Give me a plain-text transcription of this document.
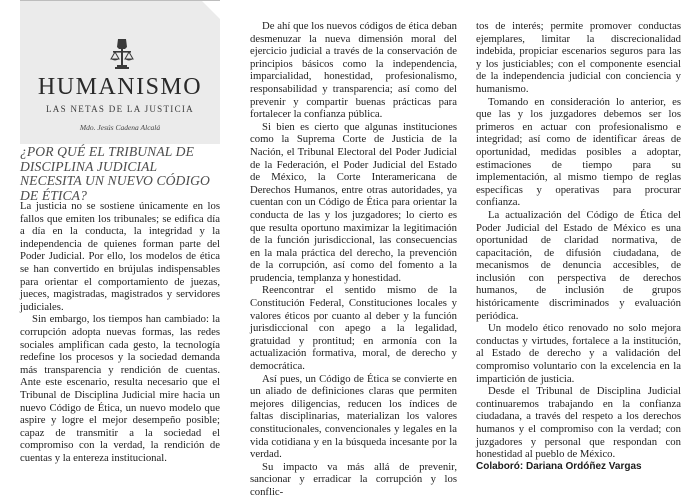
HUMANISMO
LAS NETAS DE LA JUSTICIA
Mdo. Jesús Cadena Alcalá
¿POR QUÉ EL TRIBUNAL DE DISCIPLINA JUDICIAL NECESITA UN NUEVO CÓDIGO DE ÉTICA?

La justicia no se sostiene únicamente en los fallos que emiten los tribunales; se edifica día a día en la conducta, la integridad y la independencia de quienes forman parte del Poder Judicial. Por ello, los modelos de ética se han convertido en brújulas indispensables para orientar el comportamiento de juezas, jueces, magistradas, magistrados y servidores judiciales.

Sin embargo, los tiempos han cambiado: la corrupción adopta nuevas formas, las redes sociales amplifican cada gesto, la tecnología redefine los procesos y la sociedad demanda más transparencia y rendición de cuentas. Ante este escenario, resulta necesario que el Tribunal de Disciplina Judicial mire hacia un nuevo Código de Ética, un nuevo modelo que aspire y logre el mejor desempeño posible; capaz de transmitir a la sociedad el compromiso con la verdad, la rendición de cuentas y la entereza institucional.

De ahí que los nuevos códigos de ética deban desmenuzar la nueva dimensión moral del ejercicio judicial a través de la conservación de principios básicos como la independencia, imparcialidad, honestidad, profesionalismo, responsabilidad y transparencia; así como del prevenir y compartir buenas prácticas para fortalecer la confianza pública.

Si bien es cierto que algunas instituciones como la Suprema Corte de Justicia de la Nación, el Tribunal Electoral del Poder Judicial de la Federación, el Poder Judicial del Estado de México, la Corte Interamericana de Derechos Humanos, entre otras autoridades, ya cuentan con un Código de Ética para orientar la conducta de las y los juzgadores; lo cierto es que resulta oportuno maximizar la legitimación de la función jurisdiccional, las consecuencias en la mala práctica del derecho, la prevención de la corrupción, así como del fomento a la prudencia, templanza y honestidad.

Reencontrar el sentido mismo de la Constitución Federal, Constituciones locales y valores éticos por cuanto al deber y la función jurisdiccional con apego a la legalidad, gratuidad y prontitud; en armonía con la actualización formativa, moral, de derecho y democrática.

Así pues, un Código de Ética se convierte en un aliado de definiciones claras que permiten mejores diligencias, reducen los índices de faltas disciplinarias, materializan los valores constitucionales, convencionales y legales en la vida cotidiana y en la búsqueda incesante por la verdad.

Su impacto va más allá de prevenir, sancionar y erradicar la corrupción y los conflic-

tos de interés; permite promover conductas ejemplares, limitar la discrecionalidad indebida, propiciar escenarios seguros para las y los justiciables; con el componente esencial de la independencia judicial con conciencia y humanismo.

Tomando en consideración lo anterior, es que las y los juzgadores debemos ser los primeros en actuar con profesionalismo e integridad; así como de identificar áreas de oportunidad, medidas posibles a adoptar, estimaciones de tiempo para su implementación, al mismo tiempo de reglas específicas y operativas para procurar confianza.

La actualización del Código de Ética del Poder Judicial del Estado de México es una oportunidad de claridad normativa, de capacitación, de difusión ciudadana, de mecanismos de denuncia accesibles, de inclusión con perspectiva de derechos humanos, de inclusión de grupos históricamente discriminados y evaluación periódica.

Un modelo ético renovado no solo mejora conductas y virtudes, fortalece a la institución, al Estado de derecho y a validación del compromiso voluntario con la excelencia en la impartición de justicia.

Desde el Tribunal de Disciplina Judicial continuaremos trabajando en la confianza ciudadana, a través del respeto a los derechos humanos y el compromiso con la verdad; con juzgadores y personal que respondan con honestidad al pueblo de México.

Colaboró: Dariana Ordóñez Vargas
